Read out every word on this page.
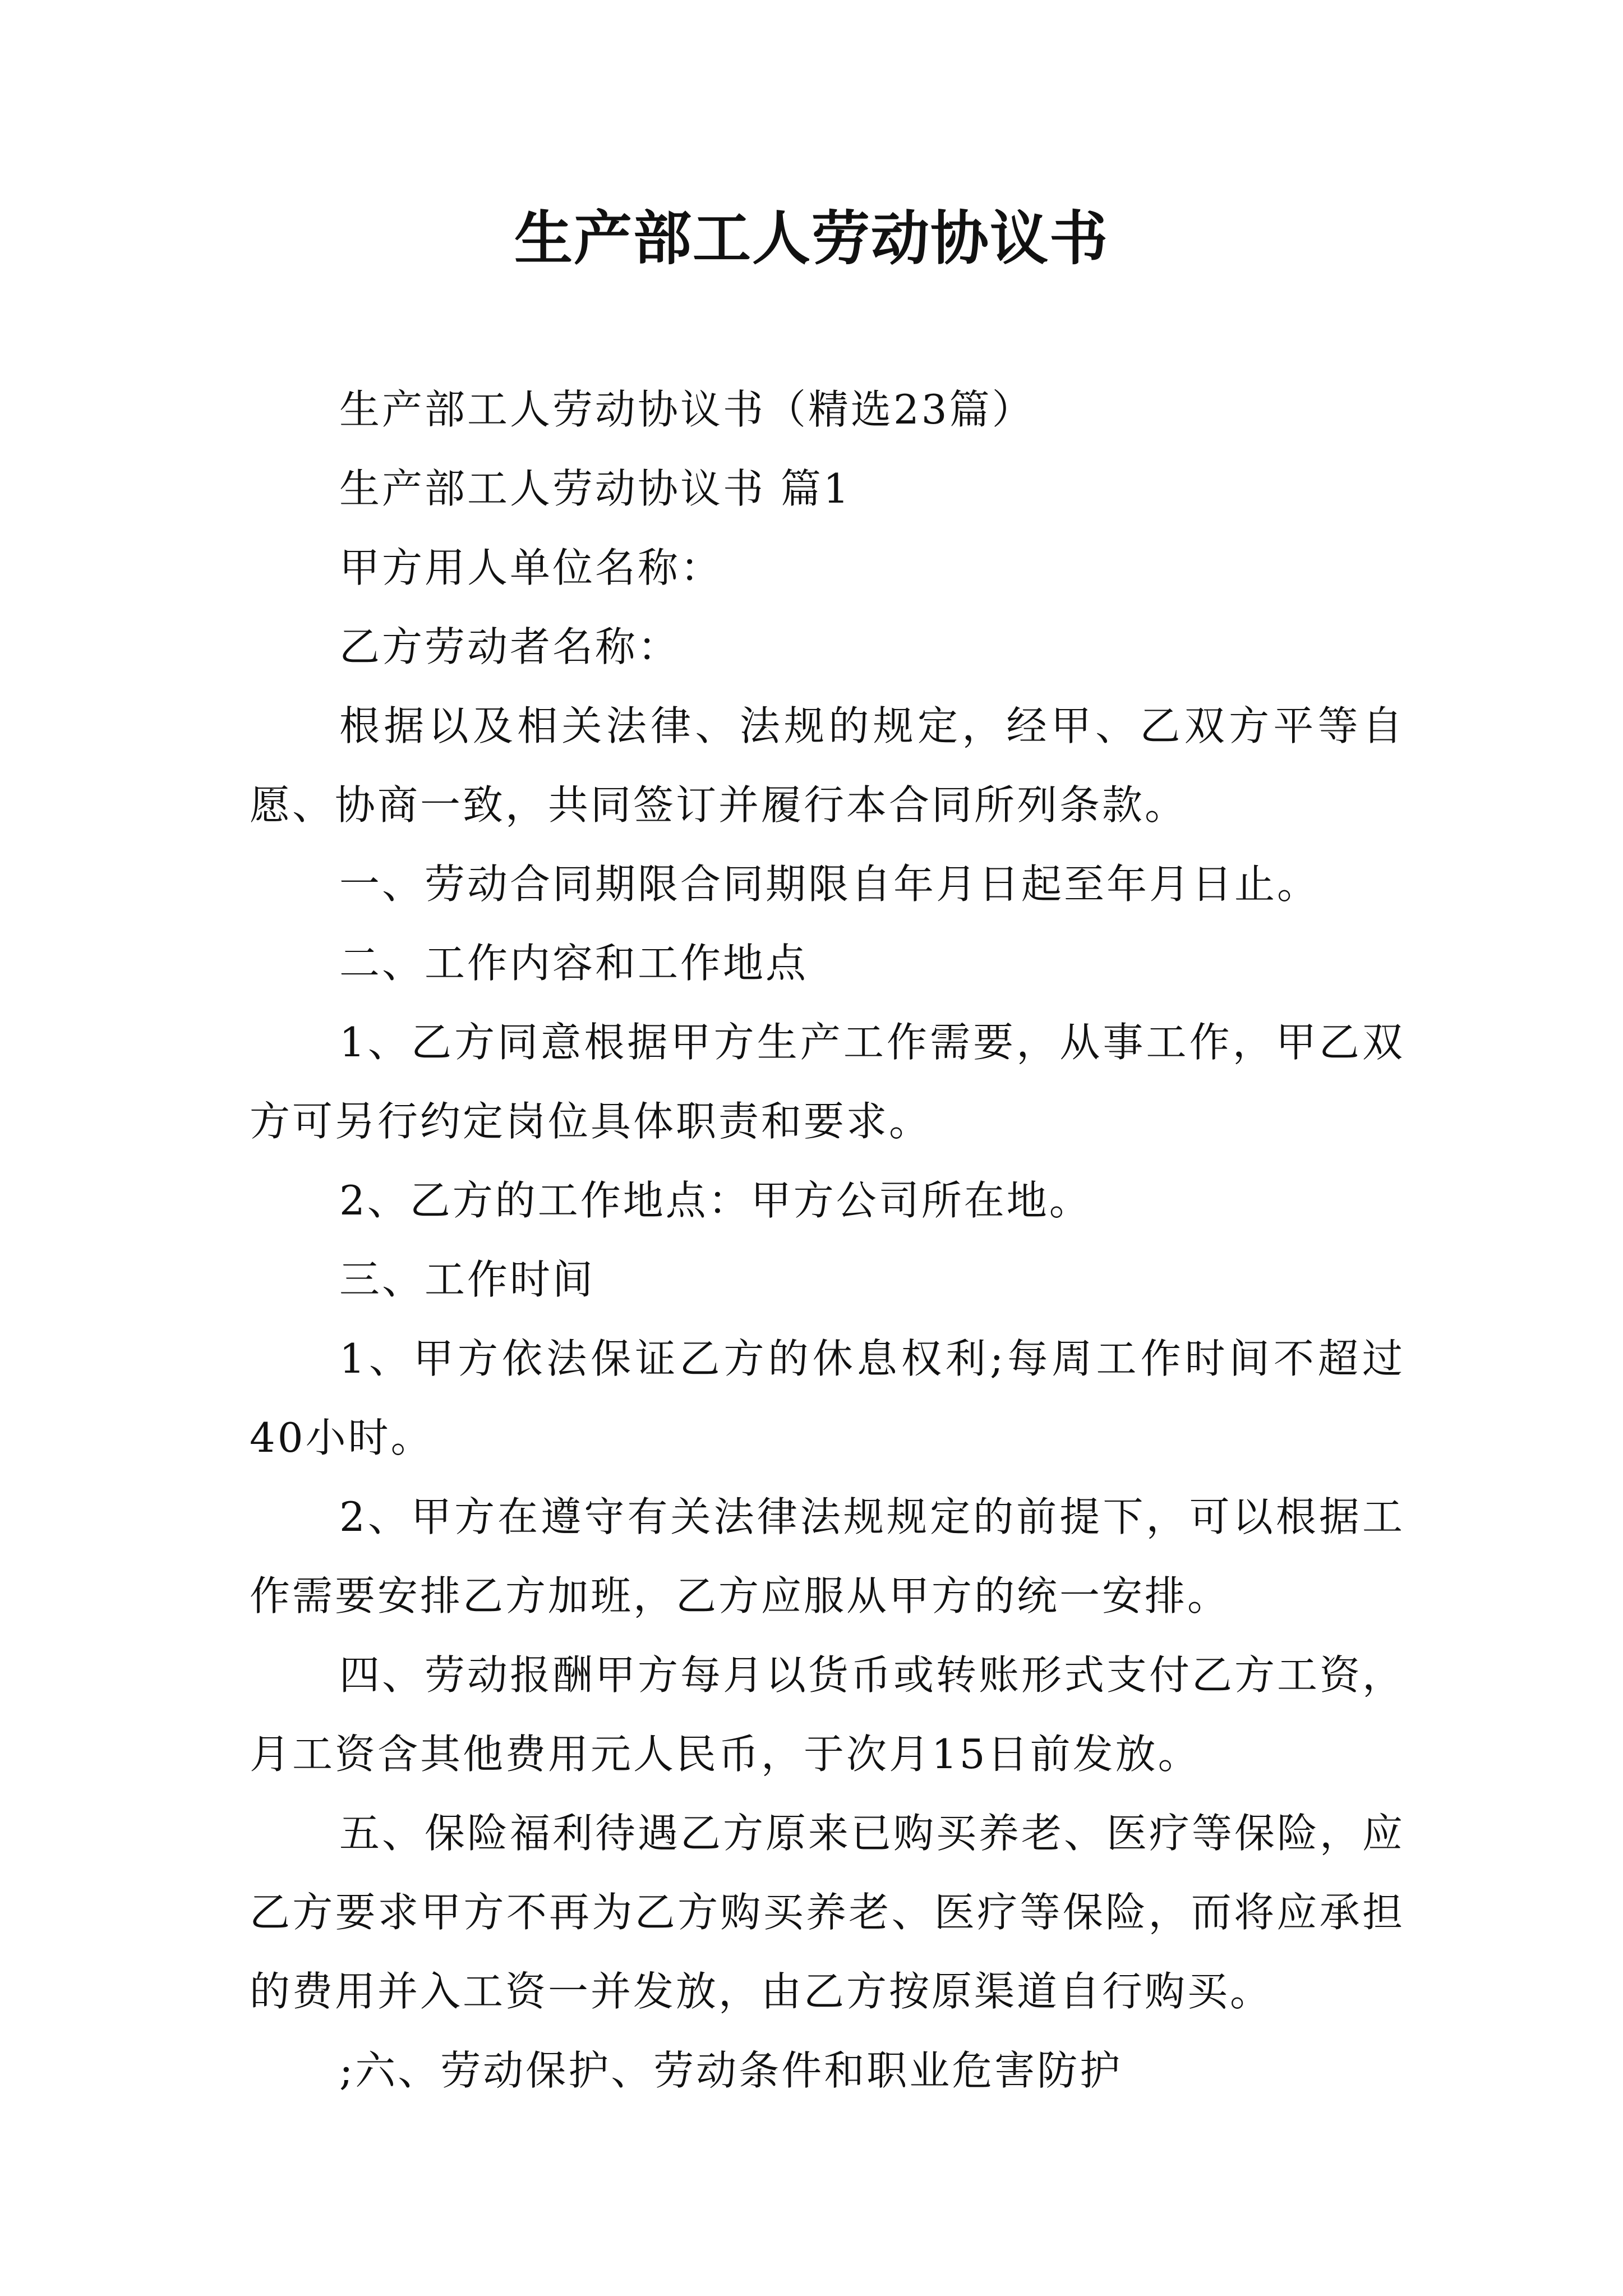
生产部工人劳动协议书

生产部工人劳动协议书（精选23篇）

生产部工人劳动协议书 篇1

甲方用人单位名称：

乙方劳动者名称：

根据以及相关法律、法规的规定，经甲、乙双方平等自愿、协商一致，共同签订并履行本合同所列条款。

一、劳动合同期限合同期限自年月日起至年月日止。

二、工作内容和工作地点

1、乙方同意根据甲方生产工作需要，从事工作，甲乙双方可另行约定岗位具体职责和要求。

2、乙方的工作地点：甲方公司所在地。

三、工作时间

1、甲方依法保证乙方的休息权利;每周工作时间不超过40小时。

2、甲方在遵守有关法律法规规定的前提下，可以根据工作需要安排乙方加班，乙方应服从甲方的统一安排。

四、劳动报酬甲方每月以货币或转账形式支付乙方工资，月工资含其他费用元人民币，于次月15日前发放。

五、保险福利待遇乙方原来已购买养老、医疗等保险，应乙方要求甲方不再为乙方购买养老、医疗等保险，而将应承担的费用并入工资一并发放，由乙方按原渠道自行购买。

;六、劳动保护、劳动条件和职业危害防护
